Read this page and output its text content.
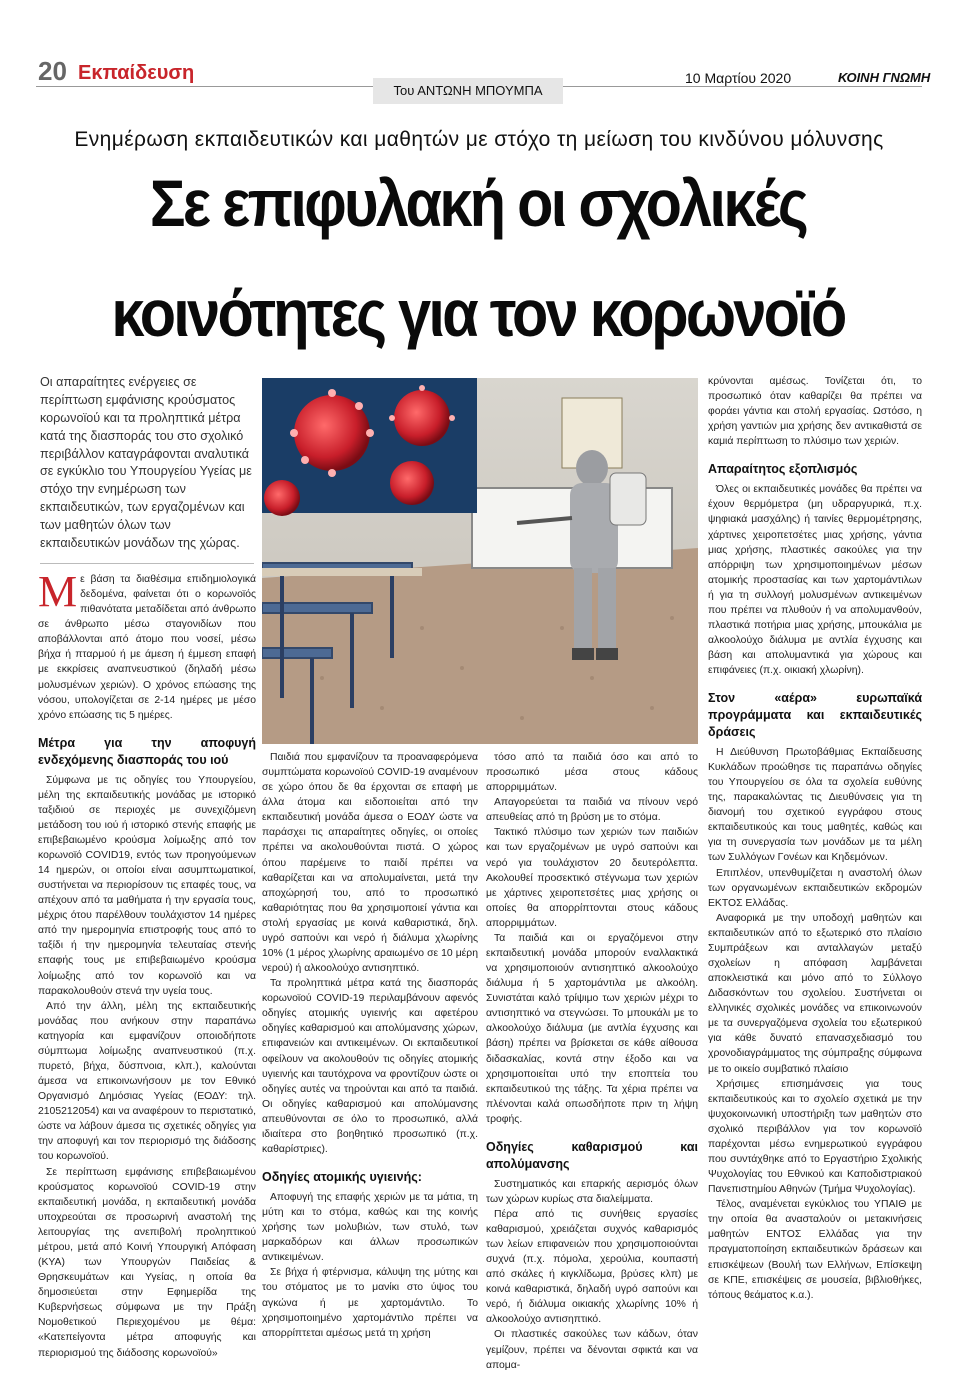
20 Εκπαίδευση
Του ΑΝΤΩΝΗ ΜΠΟΥΜΠΑ
10 Μαρτίου 2020	ΚΟΙΝΗ ΓΝΩΜΗ
Ενημέρωση εκπαιδευτικών και μαθητών με στόχο τη μείωση του κινδύνου μόλυνσης
Σε επιφυλακή οι σχολικές
κοινότητες για τον κορωνοϊό
Οι απαραίτητες ενέργειες σε περίπτωση εμφάνισης κρούσματος κορωνοϊού και τα προληπτικά μέτρα κατά της διασποράς του στο σχολικό περιβάλλον καταγράφονται αναλυτικά σε εγκύκλιο του Υπουργείου Υγείας με στόχο την ενημέρωση των εκπαιδευτικών, των εργαζομένων και των μαθητών όλων των εκπαιδευτικών μονάδων της χώρας.

Μ ε βάση τα διαθέσιμα επιδημιολογικά δεδομένα, φαίνεται ότι ο κορωνοϊός πιθανότατα μεταδίδεται από άνθρωπο σε άνθρωπο μέσω σταγονιδίων που αποβάλλονται από άτομο που νοσεί, μέσω βήχα ή πταρμού ή με άμεση ή έμμεση επαφή με εκκρίσεις αναπνευστικού (δηλαδή μέσω μολυσμένων χεριών). Ο χρόνος επώασης της νόσου, υπολογίζεται σε 2-14 ημέρες με μέσο χρόνο επώασης τις 5 ημέρες.

Μέτρα για την αποφυγή ενδεχόμενης διασποράς του ιού

Σύμφωνα με τις οδηγίες του Υπουργείου, μέλη της εκπαιδευτικής μονάδας με ιστορικό ταξιδιού σε περιοχές με συνεχιζόμενη μετάδοση του ιού ή ιστορικό στενής επαφής με επιβεβαιωμένο κρούσμα λοίμωξης από τον κορωνοϊό COVID19, εντός των προηγούμενων 14 ημερών, οι οποίοι είναι ασυμπτωματικοί, συστήνεται να περιορίσουν τις επαφές τους, να απέχουν από τα μαθήματα ή την εργασία τους, μέχρις ότου παρέλθουν τουλάχιστον 14 ημέρες από την ημερομηνία επιστροφής τους από το ταξίδι ή την ημερομηνία τελευταίας στενής επαφής τους με επιβεβαιωμένο κρούσμα λοίμωξης από τον κορωνοϊό και να παρακολουθούν στενά την υγεία τους.

Από την άλλη, μέλη της εκπαιδευτικής μονάδας που ανήκουν στην παραπάνω κατηγορία και εμφανίζουν οποιοδήποτε σύμπτωμα λοίμωξης αναπνευστικού (π.χ. πυρετό, βήχα, δύσπνοια, κλπ.), καλούνται άμεσα να επικοινωνήσουν με τον Εθνικό Οργανισμό Δημόσιας Υγείας (ΕΟΔΥ: τηλ. 2105212054) και να αναφέρουν το περιστατικό, ώστε να λάβουν άμεσα τις σχετικές οδηγίες για την αποφυγή και τον περιορισμό της διάδοσης του κορωνοϊού.

Σε περίπτωση εμφάνισης επιβεβαιωμένου κρούσματος κορωνοϊού COVID-19 στην εκπαιδευτική μονάδα, η εκπαιδευτική μονάδα υποχρεούται σε προσωρινή αναστολή της λειτουργίας της ανεπιβολή προληπτικού μέτρου, μετά από Κοινή Υπουργική Απόφαση (ΚΥΑ) των Υπουργών Παιδείας & Θρησκευμάτων και Υγείας, η οποία θα δημοσιεύεται στην Εφημερίδα της Κυβερνήσεως σύμφωνα με την Πράξη Νομοθετικού Περιεχομένου με θέμα: «Κατεπείγοντα μέτρα αποφυγής και περιορισμού της διάδοσης κορωνοϊού»

Παιδιά που εμφανίζουν τα προαναφερόμενα συμπτώματα κορωνοϊού COVID-19 αναμένουν σε χώρο όπου δε θα έρχονται σε επαφή με άλλα άτομα και ειδοποιείται από την εκπαιδευτική μονάδα άμεσα ο ΕΟΔΥ ώστε να παράσχει τις απαραίτητες οδηγίες, οι οποίες πρέπει να ακολουθούνται πιστά. Ο χώρος όπου παρέμεινε το παιδί πρέπει να καθαρίζεται και να απολυμαίνεται, μετά την αποχώρησή του, από το προσωπικό καθαριότητας που θα χρησιμοποιεί γάντια και στολή εργασίας με κοινά καθαριστικά, δηλ. υγρό σαπούνι και νερό ή διάλυμα χλωρίνης 10% (1 μέρος χλωρίνης αραιωμένο σε 10 μέρη νερού) ή αλκοολούχο αντισηπτικό.

Τα προληπτικά μέτρα κατά της διασποράς κορωνοϊού COVID-19 περιλαμβάνουν αφενός οδηγίες ατομικής υγιεινής και αφετέρου οδηγίες καθαρισμού και απολύμανσης χώρων, επιφανειών και αντικειμένων. Οι εκπαιδευτικοί οφείλουν να ακολουθούν τις οδηγίες ατομικής υγιεινής και ταυτόχρονα να φροντίζουν ώστε οι οδηγίες αυτές να τηρούνται και από τα παιδιά. Οι οδηγίες καθαρισμού και απολύμανσης απευθύνονται σε όλο το προσωπικό, αλλά ιδιαίτερα στο βοηθητικό προσωπικό (π.χ. καθαρίστριες).

Οδηγίες ατομικής υγιεινής:

Αποφυγή της επαφής χεριών με τα μάτια, τη μύτη και το στόμα, καθώς και της κοινής χρήσης των μολυβιών, των στυλό, των μαρκαδόρων και άλλων προσωπικών αντικειμένων.

Σε βήχα ή φτέρνισμα, κάλυψη της μύτης και του στόματος με το μανίκι στο ύψος του αγκώνα ή με χαρτομάντιλο. Το χρησιμοποιημένο χαρτομάντιλο πρέπει να απορρίπτεται αμέσως μετά τη χρήση

τόσο από τα παιδιά όσο και από το προσωπικό μέσα στους κάδους απορριμμάτων.

Απαγορεύεται τα παιδιά να πίνουν νερό απευθείας από τη βρύση με το στόμα.

Τακτικό πλύσιμο των χεριών των παιδιών και των εργαζομένων με υγρό σαπούνι και νερό για τουλάχιστον 20 δευτερόλεπτα. Ακολουθεί προσεκτικό στέγνωμα των χεριών με χάρτινες χειροπετσέτες μιας χρήσης οι οποίες θα απορρίπτονται στους κάδους απορριμμάτων.

Τα παιδιά και οι εργαζόμενοι στην εκπαιδευτική μονάδα μπορούν εναλλακτικά να χρησιμοποιούν αντισηπτικό αλκοολούχο διάλυμα ή 5 χαρτομάντιλα με αλκοόλη. Συνιστάται καλό τρίψιμο των χεριών μέχρι το αντισηπτικό να στεγνώσει. Το μπουκάλι με το αλκοολούχο διάλυμα (με αντλία έγχυσης και βάση) πρέπει να βρίσκεται σε κάθε αίθουσα διδασκαλίας, κοντά στην έξοδο και να χρησιμοποιείται υπό την εποπτεία του εκπαιδευτικού της τάξης. Τα χέρια πρέπει να πλένονται καλά οπωσδήποτε πριν τη λήψη τροφής.

Οδηγίες καθαρισμού και απολύμανσης

Συστηματικός και επαρκής αερισμός όλων των χώρων κυρίως στα διαλείμματα.

Πέρα από τις συνήθεις εργασίες καθαρισμού, χρειάζεται συχνός καθαρισμός των λείων επιφανειών που χρησιμοποιούνται συχνά (π.χ. πόμολα, χερούλια, κουπαστή από σκάλες ή κιγκλίδωμα, βρύσες κλπ) με κοινά καθαριστικά, δηλαδή υγρό σαπούνι και νερό, ή διάλυμα οικιακής χλωρίνης 10% ή αλκοολούχο αντισηπτικό.

Οι πλαστικές σακούλες των κάδων, όταν γεμίζουν, πρέπει να δένονται σφικτά και να απομα-

κρύνονται αμέσως. Τονίζεται ότι, το προσωπικό όταν καθαρίζει θα πρέπει να φοράει γάντια και στολή εργασίας. Ωστόσο, η χρήση γαντιών μια χρήσης δεν αντικαθιστά σε καμιά περίπτωση το πλύσιμο των χεριών.

Απαραίτητος εξοπλισμός

Όλες οι εκπαιδευτικές μονάδες θα πρέπει να έχουν θερμόμετρα (μη υδραργυρικά, π.χ. ψηφιακά μασχάλης) ή ταινίες θερμομέτρησης, χάρτινες χειροπετσέτες μιας χρήσης, γάντια μιας χρήσης, πλαστικές σακούλες για την απόρριψη των χρησιμοποιημένων μέσων ατομικής προστασίας και των χαρτομάντιλων ή για τη συλλογή μολυσμένων αντικειμένων που πρέπει να πλυθούν ή να απολυμανθούν, πλαστικά ποτήρια μιας χρήσης, μπουκάλια με αλκοολούχο διάλυμα με αντλία έγχυσης και βάση και απολυμαντικά για χώρους και επιφάνειες (π.χ. οικιακή χλωρίνη).

Στον «αέρα» ευρωπαϊκά προγράμματα και εκπαιδευτικές δράσεις

Η Διεύθυνση Πρωτοβάθμιας Εκπαίδευσης Κυκλάδων προώθησε τις παραπάνω οδηγίες του Υπουργείου σε όλα τα σχολεία ευθύνης της, παρακαλώντας τις Διευθύνσεις για τη διανομή του σχετικού εγγράφου στους εκπαιδευτικούς και τους μαθητές, καθώς και για τη συνεργασία των μονάδων με τα μέλη των Συλλόγων Γονέων και Κηδεμόνων.

Επιπλέον, υπενθυμίζεται η αναστολή όλων των οργανωμένων εκπαιδευτικών εκδρομών ΕΚΤΟΣ Ελλάδας.

Αναφορικά με την υποδοχή μαθητών και εκπαιδευτικών από το εξωτερικό στο πλαίσιο Συμπράξεων και ανταλλαγών μεταξύ σχολείων η απόφαση λαμβάνεται αποκλειστικά και μόνο από το Σύλλογο Διδασκόντων του σχολείου. Συστήνεται οι ελληνικές σχολικές μονάδες να επικοινωνούν με τα συνεργαζόμενα σχολεία του εξωτερικού για κάθε δυνατό επανασχεδιασμό του χρονοδιαγράμματος της σύμπραξης σύμφωνα με το οικείο συμβατικό πλαίσιο

Χρήσιμες επισημάνσεις για τους εκπαιδευτικούς και το σχολείο σχετικά με την ψυχοκοινωνική υποστήριξη των μαθητών στο σχολικό περιβάλλον για τον κορωνοϊό παρέχονται μέσω ενημερωτικού εγγράφου που συντάχθηκε από το Εργαστήριο Σχολικής Ψυχολογίας του Εθνικού και Καποδιστριακού Πανεπιστημίου Αθηνών (Τμήμα Ψυχολογίας).

Τέλος, αναμένεται εγκύκλιος του ΥΠΑΙΘ με την οποία θα ανασταλούν οι μετακινήσεις μαθητών ΕΝΤΟΣ Ελλάδας για την πραγματοποίηση εκπαιδευτικών δράσεων και επισκέψεων (Βουλή των Ελλήνων, Επίσκεψη σε ΚΠΕ, επισκέψεις σε μουσεία, βιβλιοθήκες, τόπους θεάματος κ.α.).
